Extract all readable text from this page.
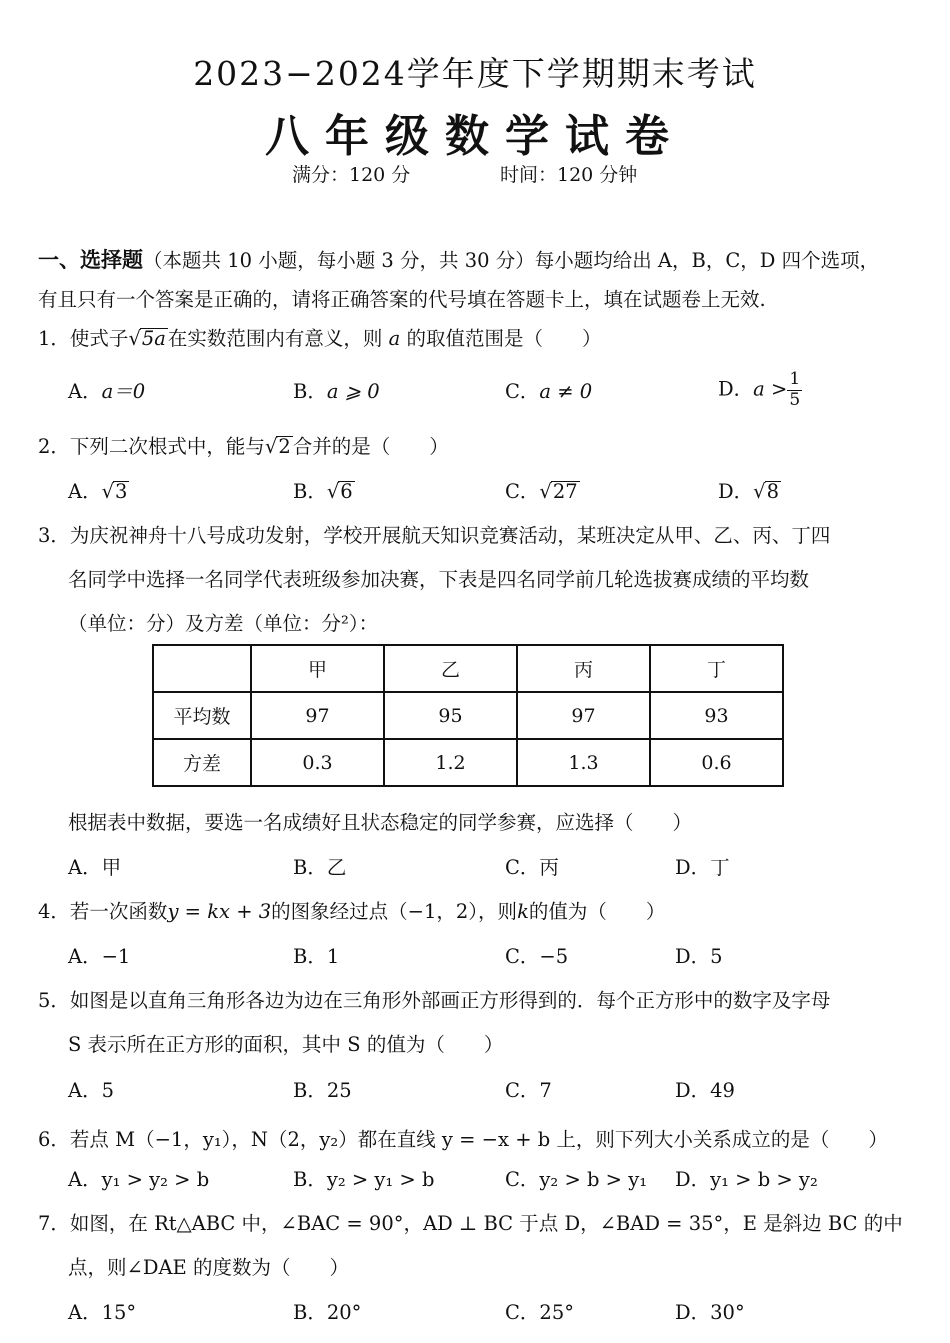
2023−2024学年度下学期期末考试
八年级数学试卷
满分：120 分	时间：120 分钟
一、选择题（本题共 10 小题，每小题 3 分，共 30 分）每小题均给出 A，B，C，D 四个选项，
有且只有一个答案是正确的，请将正确答案的代号填在答题卡上，填在试题卷上无效.
1．使式子√5a 在实数范围内有意义，则 a 的取值范围是（　　）
A．a＝0	B．a ⩾ 0	C．a ≠ 0	D．$a > \frac{1}{5}$
2．下列二次根式中，能与√2 合并的是（　　）
A．√3	B．√6	C．√27	D．√8
3．为庆祝神舟十八号成功发射，学校开展航天知识竞赛活动，某班决定从甲、乙、丙、丁四
名同学中选择一名同学代表班级参加决赛，下表是四名同学前几轮选拔赛成绩的平均数
（单位：分）及方差（单位：分²）：
	甲	乙	丙	丁
平均数	97	95	97	93
方差	0.3	1.2	1.3	0.6
根据表中数据，要选一名成绩好且状态稳定的同学参赛，应选择（　　）
A．甲	B．乙	C．丙	D．丁
4．若一次函数y = kx + 3的图象经过点（−1，2），则k的值为（　　）
A．−1	B．1	C．−5	D．5
5．如图是以直角三角形各边为边在三角形外部画正方形得到的．每个正方形中的数字及字母
S 表示所在正方形的面积，其中 S 的值为（　　）
A．5	B．25	C．7	D．49
6．若点 M（−1，y₁），N（2，y₂）都在直线 y = −x + b 上，则下列大小关系成立的是（　　）
A．y₁ > y₂ > b	B．y₂ > y₁ > b	C．y₂ > b > y₁ D．y₁ > b > y₂
7．如图，在 Rt△ABC 中，∠BAC = 90°，AD ⊥ BC 于点 D，∠BAD = 35°，E 是斜边 BC 的中
点，则∠DAE 的度数为（　　）
A．15°	B．20°	C．25°	D．30°
